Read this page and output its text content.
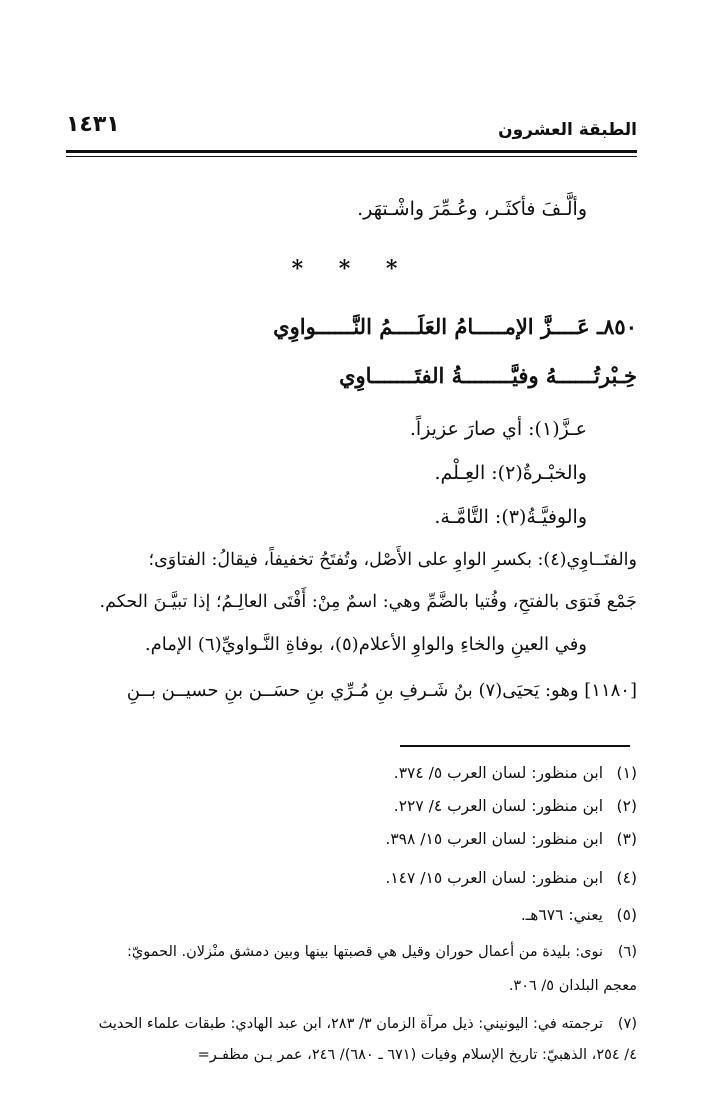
الطبقة العشرون
١٤٣١
وألَّـفَ فأكثَـر، وعُـمِّرَ واشْـتهَر.
* * *
٨٥٠ـ عَــــزَّ الإمـــــامُ العَلَــــمُ النَّــــــواوِي
خِـبْرتُــــــهُ وفيَّــــــــةُ الفتَـــــــاوِي
عـزَّ(١): أي صارَ عزيزاً.
والخبْـرةُ(٢): العِـلْم.
والوفيَّـةُ(٣): التَّامَّـة.
والفتَــاوِي(٤): بكسرِ الواوِ على الأَصْل، وتُفتَحُ تخفيفاً، فيقالُ: الفتاوَى؛
جَمْع فَتوَى بالفتحِ، وفُتيا بالضَّمِّ وهي: اسمٌ مِنْ: أَفْتَى العالِـمُ؛ إذا تبيَّـنَ الحكم.
وفي العينِ والخاءِ والواوِ الأعلام(٥)، بوفاةِ النَّـواويِّ(٦) الإمام.
[١١٨٠] وهو: يَحيَى(٧) بنُ شَـرفِ بنِ مُـرِّي بنِ حسَــن بنِ حسيــن بــنِ
(١)ابن منظور: لسان العرب ٥/ ٣٧٤.
(٢)ابن منظور: لسان العرب ٤/ ٢٢٧.
(٣)ابن منظور: لسان العرب ١٥/ ٣٩٨.
(٤)ابن منظور: لسان العرب ١٥/ ١٤٧.
(٥)يعني: ٦٧٦هـ.
(٦)نوى: بليدة من أعمال حوران وقيل هي قصبتها بينها وبين دمشق منْزلان. الحمويّ:
معجم البلدان ٥/ ٣٠٦.
(٧)ترجمته في: اليونيني: ذيل مرآة الزمان ٣/ ٢٨٣، ابن عبد الهادي: طبقات علماء الحديث
٤/ ٢٥٤، الذهبيّ: تاريخ الإسلام وفيات (٦٧١ ـ ٦٨٠)/ ٢٤٦، عمر بـن مظفـر=
